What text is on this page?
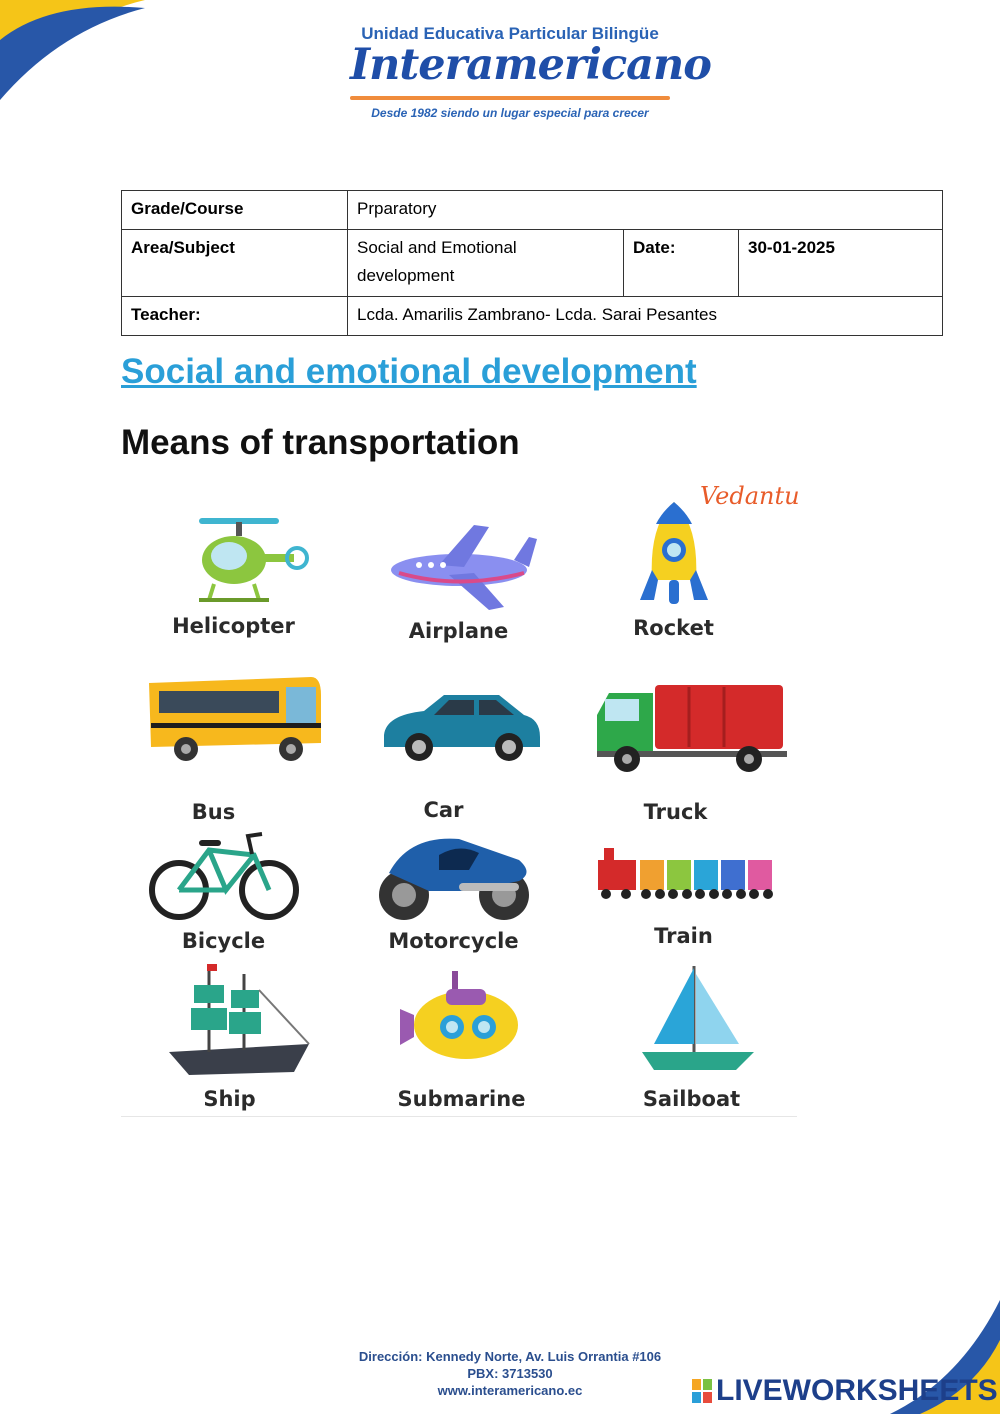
Unidad Educativa Particular Bilingüe
Interamericano
Desde 1982 siendo un lugar especial para crecer
Grade/Course	Prparatory		
Area/Subject	Social and Emotional development	Date:	30-01-2025
Teacher:	Lcda. Amarilis Zambrano- Lcda. Sarai Pesantes		
Social and emotional development
Means of transportation
Helicopter	Airplane	Rocket
Bus	Car	Truck
Bicycle	Motorcycle	Train
Ship	Submarine	Sailboat
Vedantu
Dirección: Kennedy Norte, Av. Luis Orrantia #106
PBX: 3713530
www.interamericano.ec	LIVEWORKSHEETS
